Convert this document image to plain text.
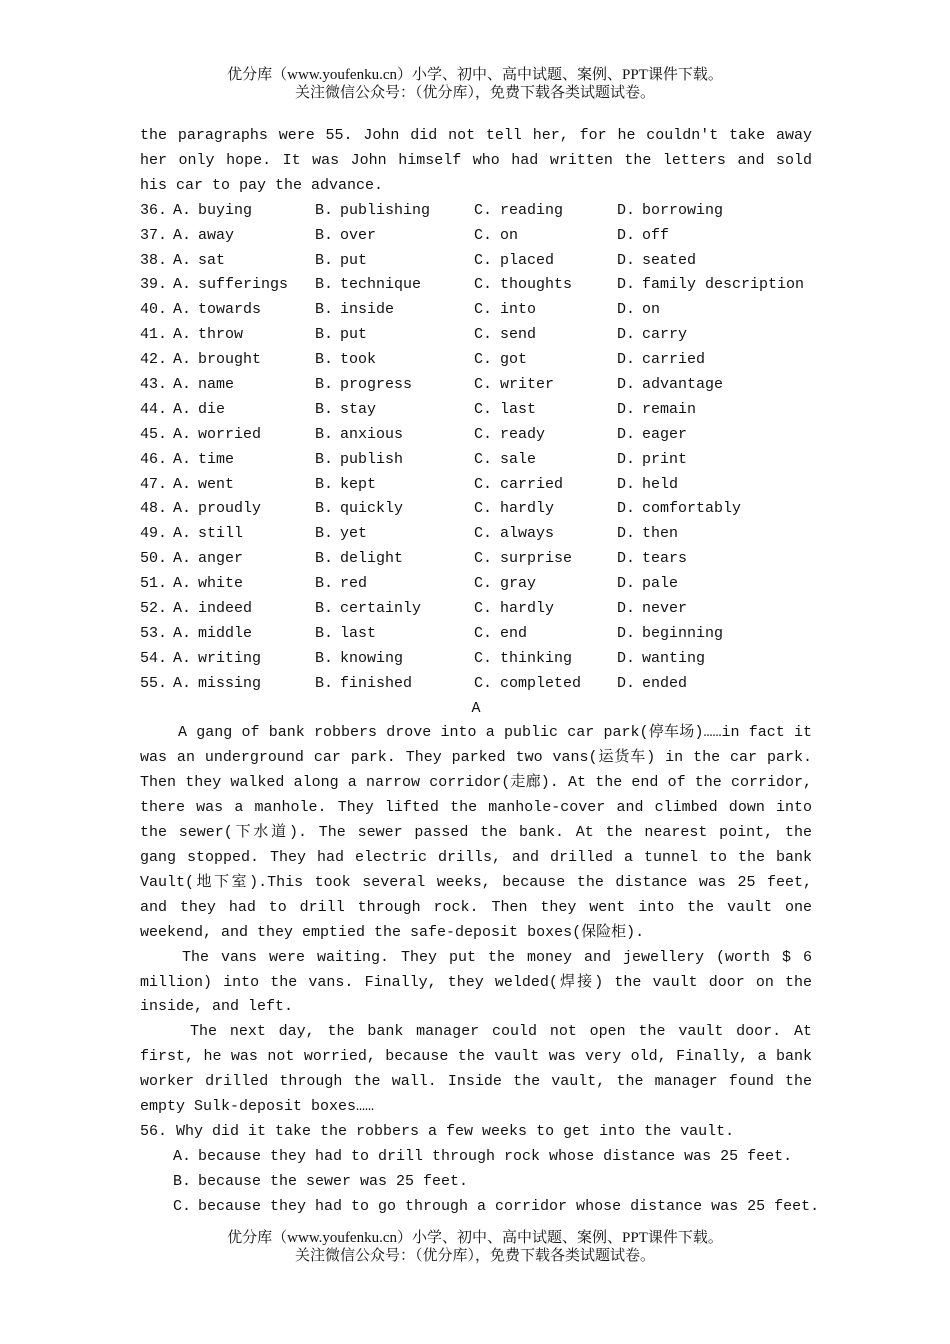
优分库（www.youfenku.cn）小学、初中、高中试题、案例、PPT课件下载。
关注微信公众号：（优分库），免费下载各类试题试卷。
the paragraphs were 55. John did not tell her, for he couldn't take away her only hope. It was John himself who had written the letters and sold his car to pay the advance.
36. A. buying	B. publishing	C. reading	D. borrowing
37. A. away	B. over	C. on	D. off
38. A. sat	B. put	C. placed	D. seated
39. A. sufferings B. technique	C. thoughts	D. family description
40. A. towards	B. inside	C. into	D. on
41. A. throw	B. put	C. send	D. carry
42. A. brought	B. took	C. got	D. carried
43. A. name	B. progress	C. writer	D. advantage
44. A. die	B. stay	C. last	D. remain
45. A. worried	B. anxious	C. ready	D. eager
46. A. time	B. publish	C. sale	D. print
47. A. went	B. kept	C. carried	D. held
48. A. proudly	B. quickly	C. hardly	D. comfortably
49. A. still	B. yet	C. always	D. then
50. A. anger	B. delight	C. surprise	D. tears
51. A. white	B. red	C. gray	D. pale
52. A. indeed	B. certainly	C. hardly	D. never
53. A. middle	B. last	C. end	D. beginning
54. A. writing	B. knowing	C. thinking	D. wanting
55. A. missing	B. finished	C. completed D. ended
A
A gang of bank robbers drove into a public car park(停车场)……in fact it was an underground car park. They parked two vans(运货车) in the car park. Then they walked along a narrow corridor(走廊). At the end of the corridor, there was a manhole. They lifted the manhole-cover and climbed down into the sewer(下水道). The sewer passed the bank. At the nearest point, the gang stopped. They had electric drills, and drilled a tunnel to the bank Vault(地下室).This took several weeks, because the distance was 25 feet, and they had to drill through rock. Then they went into the vault one weekend, and they emptied the safe-deposit boxes(保险柜).
The vans were waiting. They put the money and jewellery (worth $ 6 million) into the vans. Finally, they welded(焊接) the vault door on the inside, and left.
The next day, the bank manager could not open the vault door. At first, he was not worried, because the vault was very old, Finally, a bank worker drilled through the wall. Inside the vault, the manager found the empty Sulk-deposit boxes……
56. Why did it take the robbers a few weeks to get into the vault.
A. because they had to drill through rock whose distance was 25 feet.
B. because the sewer was 25 feet.
C. because they had to go through a corridor whose distance was 25 feet.
优分库（www.youfenku.cn）小学、初中、高中试题、案例、PPT课件下载。
关注微信公众号：（优分库），免费下载各类试题试卷。
